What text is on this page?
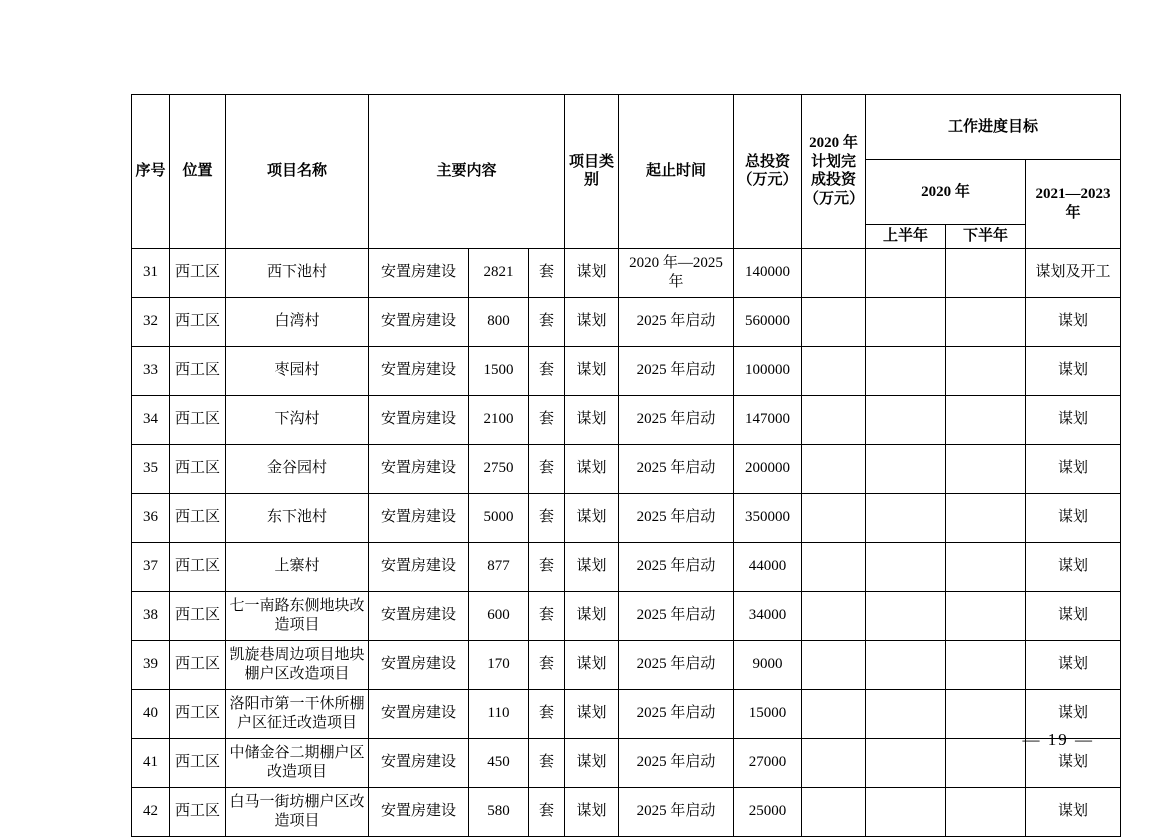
序号	位置	项目名称	主要内容			项目类别	起止时间	总投资（万元）	2020 年计划完成投资（万元）	工作进度目标		
										2020 年		2021—2023 年
										上半年	下半年	
31	西工区	西下池村	安置房建设	2821	套	谋划	2020 年—2025 年	140000				谋划及开工
32	西工区	白湾村	安置房建设	800	套	谋划	2025 年启动	560000				谋划
33	西工区	枣园村	安置房建设	1500	套	谋划	2025 年启动	100000				谋划
34	西工区	下沟村	安置房建设	2100	套	谋划	2025 年启动	147000				谋划
35	西工区	金谷园村	安置房建设	2750	套	谋划	2025 年启动	200000				谋划
36	西工区	东下池村	安置房建设	5000	套	谋划	2025 年启动	350000				谋划
37	西工区	上寨村	安置房建设	877	套	谋划	2025 年启动	44000				谋划
38	西工区	七一南路东侧地块改造项目	安置房建设	600	套	谋划	2025 年启动	34000				谋划
39	西工区	凯旋巷周边项目地块棚户区改造项目	安置房建设	170	套	谋划	2025 年启动	9000				谋划
40	西工区	洛阳市第一干休所棚户区征迁改造项目	安置房建设	110	套	谋划	2025 年启动	15000				谋划
41	西工区	中储金谷二期棚户区改造项目	安置房建设	450	套	谋划	2025 年启动	27000				谋划
42	西工区	白马一街坊棚户区改造项目	安置房建设	580	套	谋划	2025 年启动	25000				谋划
— 19 —
